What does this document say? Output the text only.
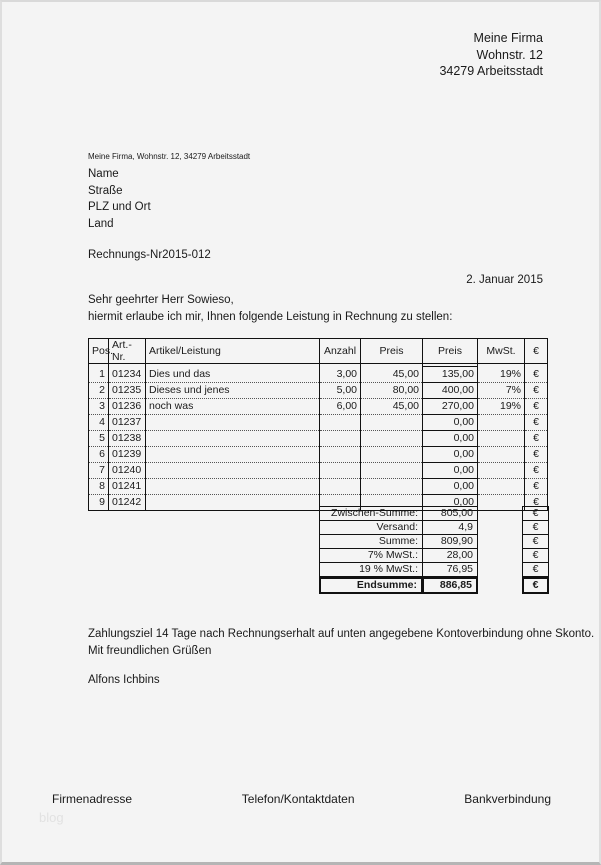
Meine Firma
Wohnstr. 12
34279 Arbeitsstadt
Meine Firma, Wohnstr. 12, 34279 Arbeitsstadt
Name
Straße
PLZ und Ort
Land
Rechnungs-Nr2015-012
2. Januar 2015
Sehr geehrter Herr Sowieso,
hiermit erlaube ich mir, Ihnen folgende Leistung in Rechnung zu stellen:
Pos.	Art.-Nr.	Artikel/Leistung	Anzahl	Preis	Preis	MwSt.	€

1	01234	Dies und das	3,00	45,00	135,00	19%	€
2	01235	Dieses und jenes	5,00	80,00	400,00	7%	€
3	01236	noch was	6,00	45,00	270,00	19%	€
4	01237				0,00		€
5	01238				0,00		€
6	01239				0,00		€
7	01240				0,00		€
8	01241				0,00		€
9	01242				0,00		€
Zwischen-Summe:	805,00	€
Versand:	4,9	€
Summe:	809,90	€
7% MwSt.:	28,00	€
19 % MwSt.:	76,95	€
Endsumme:	886,85	€
Zahlungsziel 14 Tage nach Rechnungserhalt auf unten angegebene Kontoverbindung ohne Skonto.
Mit freundlichen Grüßen
Alfons Ichbins
Firmenadresse	Telefon/Kontaktdaten	Bankverbindung
blog
